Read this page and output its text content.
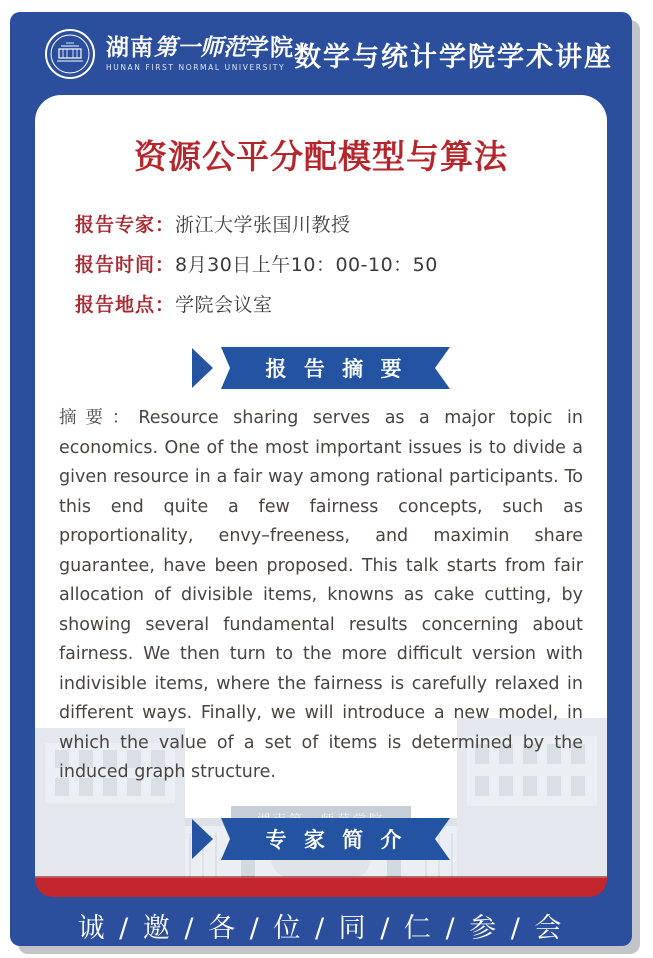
湖南第一师范学院
HUNAN FIRST NORMAL UNIVERSITY 数学与统计学院学术讲座
资源公平分配模型与算法
报告专家： 浙江大学张国川教授
报告时间： 8月30日上午10：00-10：50
报告地点： 学院会议室
报 告 摘 要

摘要：Resource sharing serves as a major topic in economics. One of the most important issues is to divide a given resource in a fair way among rational participants. To this end quite a few fairness concepts, such as proportionality, envy–freeness, and maximin share guarantee, have been proposed. This talk starts from fair allocation of divisible items, knowns as cake cutting, by showing several fundamental results concerning about fairness. We then turn to the more difficult version with indivisible items, where the fairness is carefully relaxed in different ways. Finally, we will introduce a new model, in which the value of a set of items is determined by the induced graph structure.

专 家 简 介

诚 / 邀 / 各 / 位 / 同 / 仁 / 参 / 会
